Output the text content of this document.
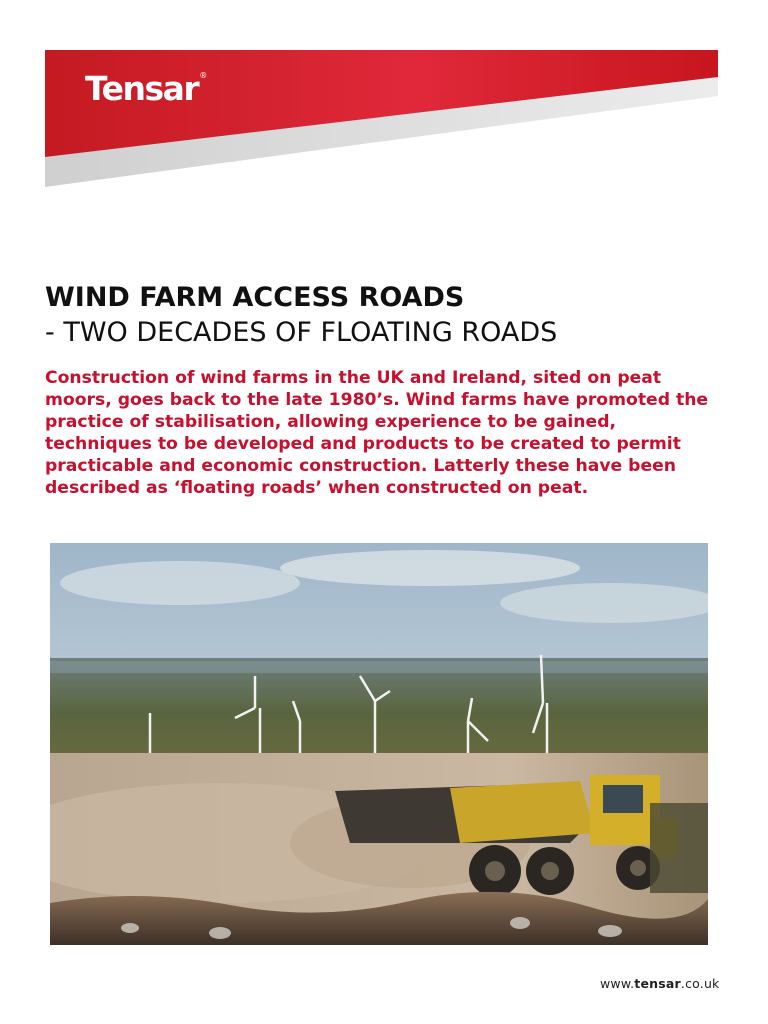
Tensar®
WIND FARM ACCESS ROADS
- TWO DECADES OF FLOATING ROADS

Construction of wind farms in the UK and Ireland, sited on peat moors, goes back to the late 1980’s. Wind farms have promoted the practice of stabilisation, allowing experience to be gained, techniques to be developed and products to be created to permit practicable and economic construction. Latterly these have been described as ‘floating roads’ when constructed on peat.

www.tensar.co.uk
